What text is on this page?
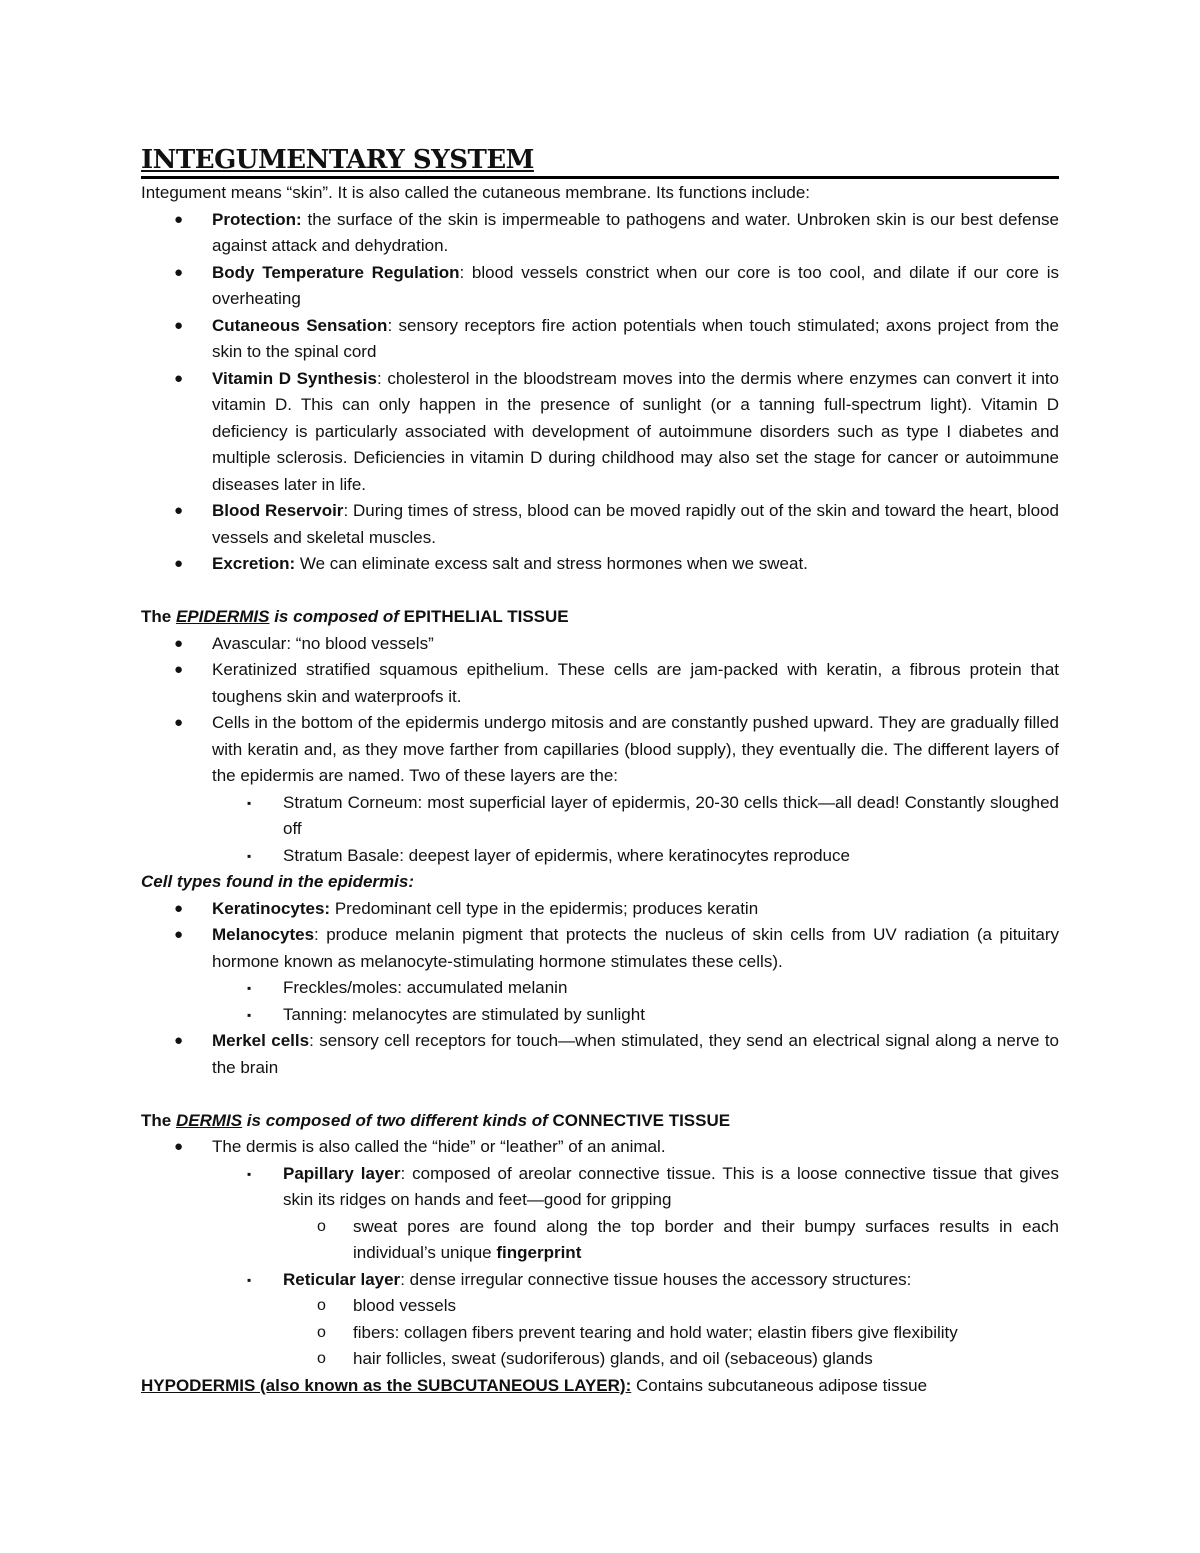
INTEGUMENTARY SYSTEM
Integument means “skin”. It is also called the cutaneous membrane. Its functions include:
● Protection: the surface of the skin is impermeable to pathogens and water. Unbroken skin is our best defense against attack and dehydration.
● Body Temperature Regulation: blood vessels constrict when our core is too cool, and dilate if our core is overheating
● Cutaneous Sensation: sensory receptors fire action potentials when touch stimulated; axons project from the skin to the spinal cord
● Vitamin D Synthesis: cholesterol in the bloodstream moves into the dermis where enzymes can convert it into vitamin D. This can only happen in the presence of sunlight (or a tanning full-spectrum light). Vitamin D deficiency is particularly associated with development of autoimmune disorders such as type I diabetes and multiple sclerosis. Deficiencies in vitamin D during childhood may also set the stage for cancer or autoimmune diseases later in life.
● Blood Reservoir: During times of stress, blood can be moved rapidly out of the skin and toward the heart, blood vessels and skeletal muscles.
● Excretion: We can eliminate excess salt and stress hormones when we sweat.
The EPIDERMIS is composed of EPITHELIAL TISSUE
● Avascular: “no blood vessels”
● Keratinized stratified squamous epithelium. These cells are jam-packed with keratin, a fibrous protein that toughens skin and waterproofs it.
● Cells in the bottom of the epidermis undergo mitosis and are constantly pushed upward. They are gradually filled with keratin and, as they move farther from capillaries (blood supply), they eventually die. The different layers of the epidermis are named. Two of these layers are the:
▪ Stratum Corneum: most superficial layer of epidermis, 20-30 cells thick—all dead! Constantly sloughed off
▪ Stratum Basale: deepest layer of epidermis, where keratinocytes reproduce
Cell types found in the epidermis:
● Keratinocytes: Predominant cell type in the epidermis; produces keratin
● Melanocytes: produce melanin pigment that protects the nucleus of skin cells from UV radiation (a pituitary hormone known as melanocyte-stimulating hormone stimulates these cells).
▪ Freckles/moles: accumulated melanin
▪ Tanning: melanocytes are stimulated by sunlight
● Merkel cells: sensory cell receptors for touch—when stimulated, they send an electrical signal along a nerve to the brain
The DERMIS is composed of two different kinds of CONNECTIVE TISSUE
● The dermis is also called the “hide” or “leather” of an animal.
▪ Papillary layer: composed of areolar connective tissue. This is a loose connective tissue that gives skin its ridges on hands and feet—good for gripping
o sweat pores are found along the top border and their bumpy surfaces results in each individual’s unique fingerprint
▪ Reticular layer: dense irregular connective tissue houses the accessory structures:
o blood vessels
o fibers: collagen fibers prevent tearing and hold water; elastin fibers give flexibility
o hair follicles, sweat (sudoriferous) glands, and oil (sebaceous) glands
HYPODERMIS (also known as the SUBCUTANEOUS LAYER): Contains subcutaneous adipose tissue
